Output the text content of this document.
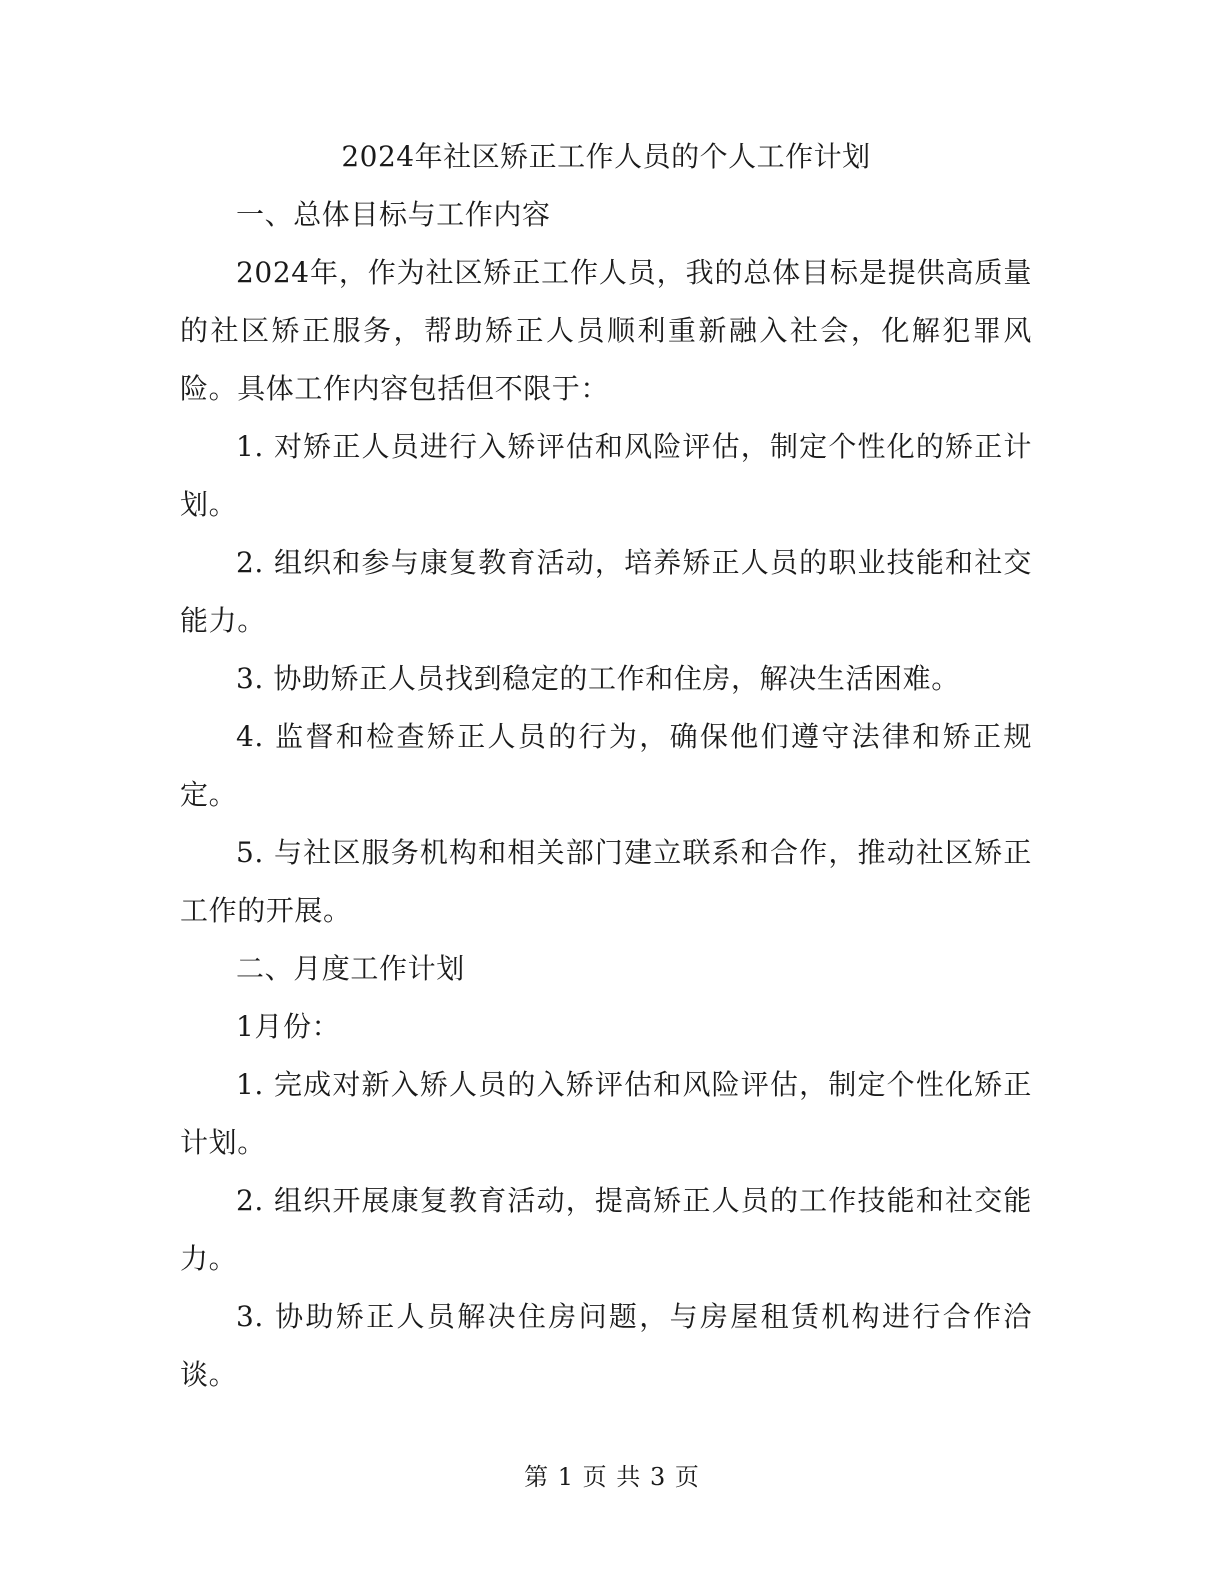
2024年社区矫正工作人员的个人工作计划

一、总体目标与工作内容

2024年，作为社区矫正工作人员，我的总体目标是提供高质量的社区矫正服务，帮助矫正人员顺利重新融入社会，化解犯罪风险。具体工作内容包括但不限于：

1. 对矫正人员进行入矫评估和风险评估，制定个性化的矫正计划。

2. 组织和参与康复教育活动，培养矫正人员的职业技能和社交能力。

3. 协助矫正人员找到稳定的工作和住房，解决生活困难。

4. 监督和检查矫正人员的行为，确保他们遵守法律和矫正规定。

5. 与社区服务机构和相关部门建立联系和合作，推动社区矫正工作的开展。

二、月度工作计划

1月份：

1. 完成对新入矫人员的入矫评估和风险评估，制定个性化矫正计划。

2. 组织开展康复教育活动，提高矫正人员的工作技能和社交能力。

3. 协助矫正人员解决住房问题，与房屋租赁机构进行合作洽谈。

第 1 页 共 3 页
